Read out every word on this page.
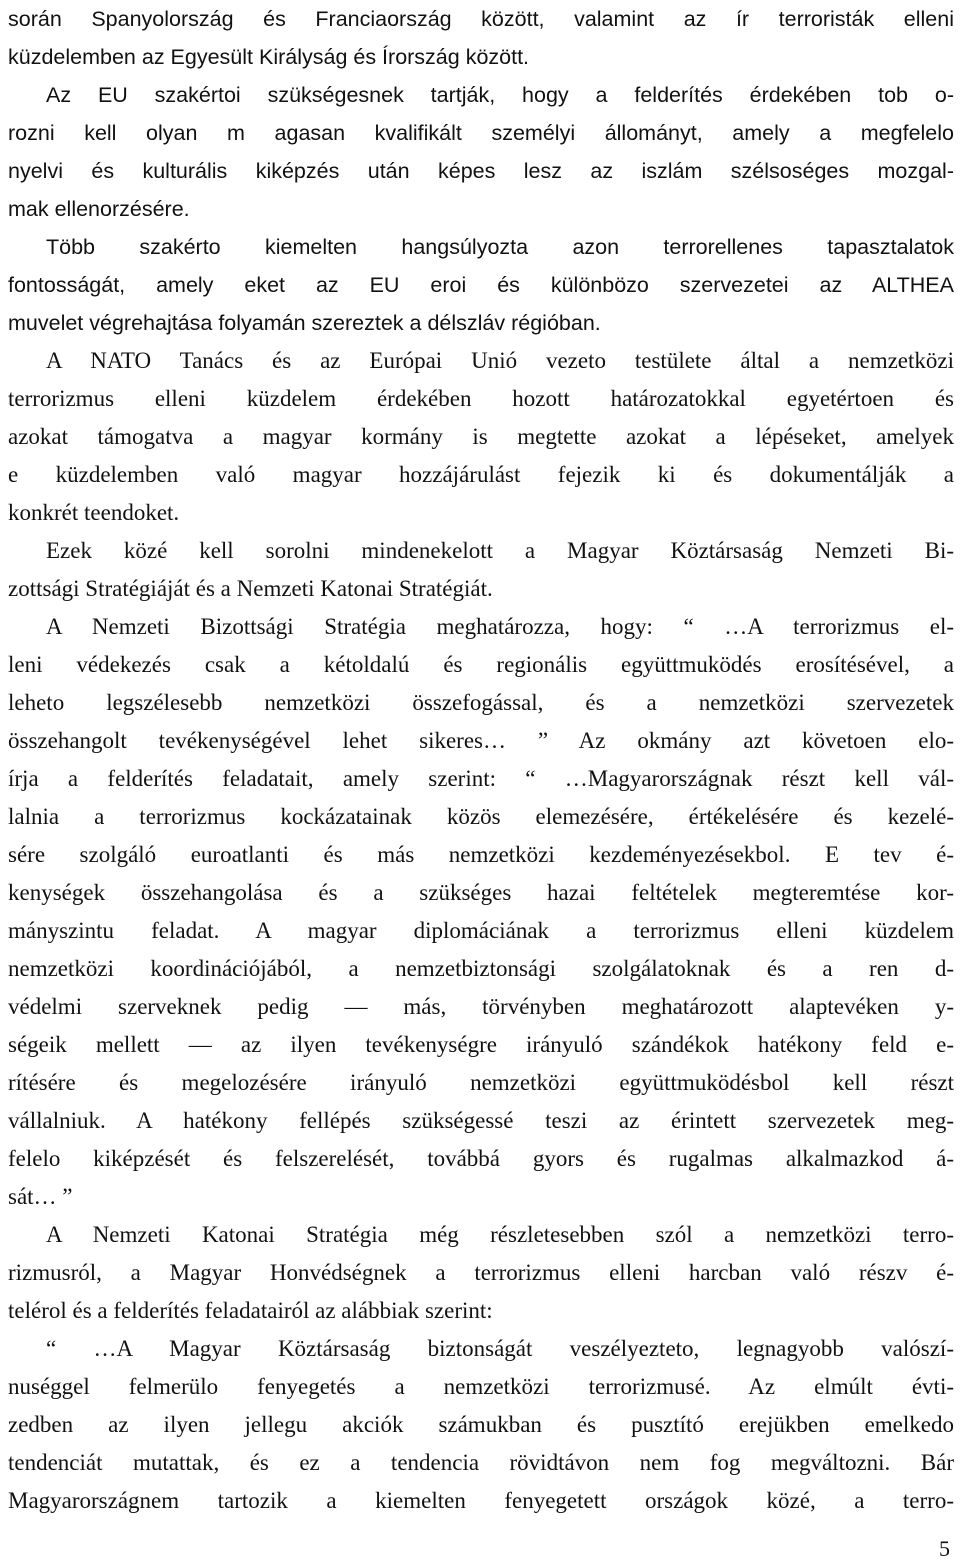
során Spanyolország és Franciaország között, valamint az ír terroristák elleni
küzdelemben az Egyesült Királyság és Írország között.
Az EU szakértoi szükségesnek tartják, hogy a felderítés érdekében tob o-
rozni kell olyan m agasan kvalifikált személyi állományt, amely a megfelelo
nyelvi és kulturális kiképzés után képes lesz az iszlám szélsoséges mozgal-
mak ellenorzésére.
Több szakérto kiemelten hangsúlyozta azon terrorellenes tapasztalatok
fontosságát, amely eket az EU eroi és különbözo szervezetei az ALTHEA
muvelet végrehajtása folyamán szereztek a délszláv régióban.
A NATO Tanács és az Európai Unió vezeto testülete által a nemzetközi
terrorizmus elleni küzdelem érdekében hozott határozatokkal egyetértoen és
azokat támogatva a magyar kormány is megtette azokat a lépéseket, amelyek
e küzdelemben való magyar hozzájárulást fejezik ki és dokumentálják a
konkrét teendoket.
Ezek közé kell sorolni mindenekelott a Magyar Köztársaság Nemzeti Bi-
zottsági Stratégiáját és a Nemzeti Katonai Stratégiát.
A Nemzeti Bizottsági Stratégia meghatározza, hogy: “ …A terrorizmus el-
leni védekezés csak a kétoldalú és regionális együttmuködés erosítésével, a
leheto legszélesebb nemzetközi összefogással, és a nemzetközi szervezetek
összehangolt tevékenységével lehet sikeres… ” Az okmány azt követoen elo-
írja a felderítés feladatait, amely szerint: “ …Magyarországnak részt kell vál-
lalnia a terrorizmus kockázatainak közös elemezésére, értékelésére és kezelé-
sére szolgáló euroatlanti és más nemzetközi kezdeményezésekbol. E tev é-
kenységek összehangolása és a szükséges hazai feltételek megteremtése kor-
mányszintu feladat. A magyar diplomáciának a terrorizmus elleni küzdelem
nemzetközi koordinációjából, a nemzetbiztonsági szolgálatoknak és a ren d-
védelmi szerveknek pedig — más, törvényben meghatározott alaptevéken y-
ségeik mellett — az ilyen tevékenységre irányuló szándékok hatékony feld e-
rítésére és megelozésére irányuló nemzetközi együttmuködésbol kell részt
vállalniuk. A hatékony fellépés szükségessé teszi az érintett szervezetek meg-
felelo kiképzését és felszerelését, továbbá gyors és rugalmas alkalmazkod á-
sát… ”
A Nemzeti Katonai Stratégia még részletesebben szól a nemzetközi terro-
rizmusról, a Magyar Honvédségnek a terrorizmus elleni harcban való részv é-
telérol és a felderítés feladatairól az alábbiak szerint:
“ …A Magyar Köztársaság biztonságát veszélyezteto, legnagyobb valószí-
nuséggel felmerülo fenyegetés a nemzetközi terrorizmusé. Az elmúlt évti-
zedben az ilyen jellegu akciók számukban és pusztító erejükben emelkedo
tendenciát mutattak, és ez a tendencia rövidtávon nem fog megváltozni. Bár
Magyarországnem tartozik a kiemelten fenyegetett országok közé, a terro-
5
